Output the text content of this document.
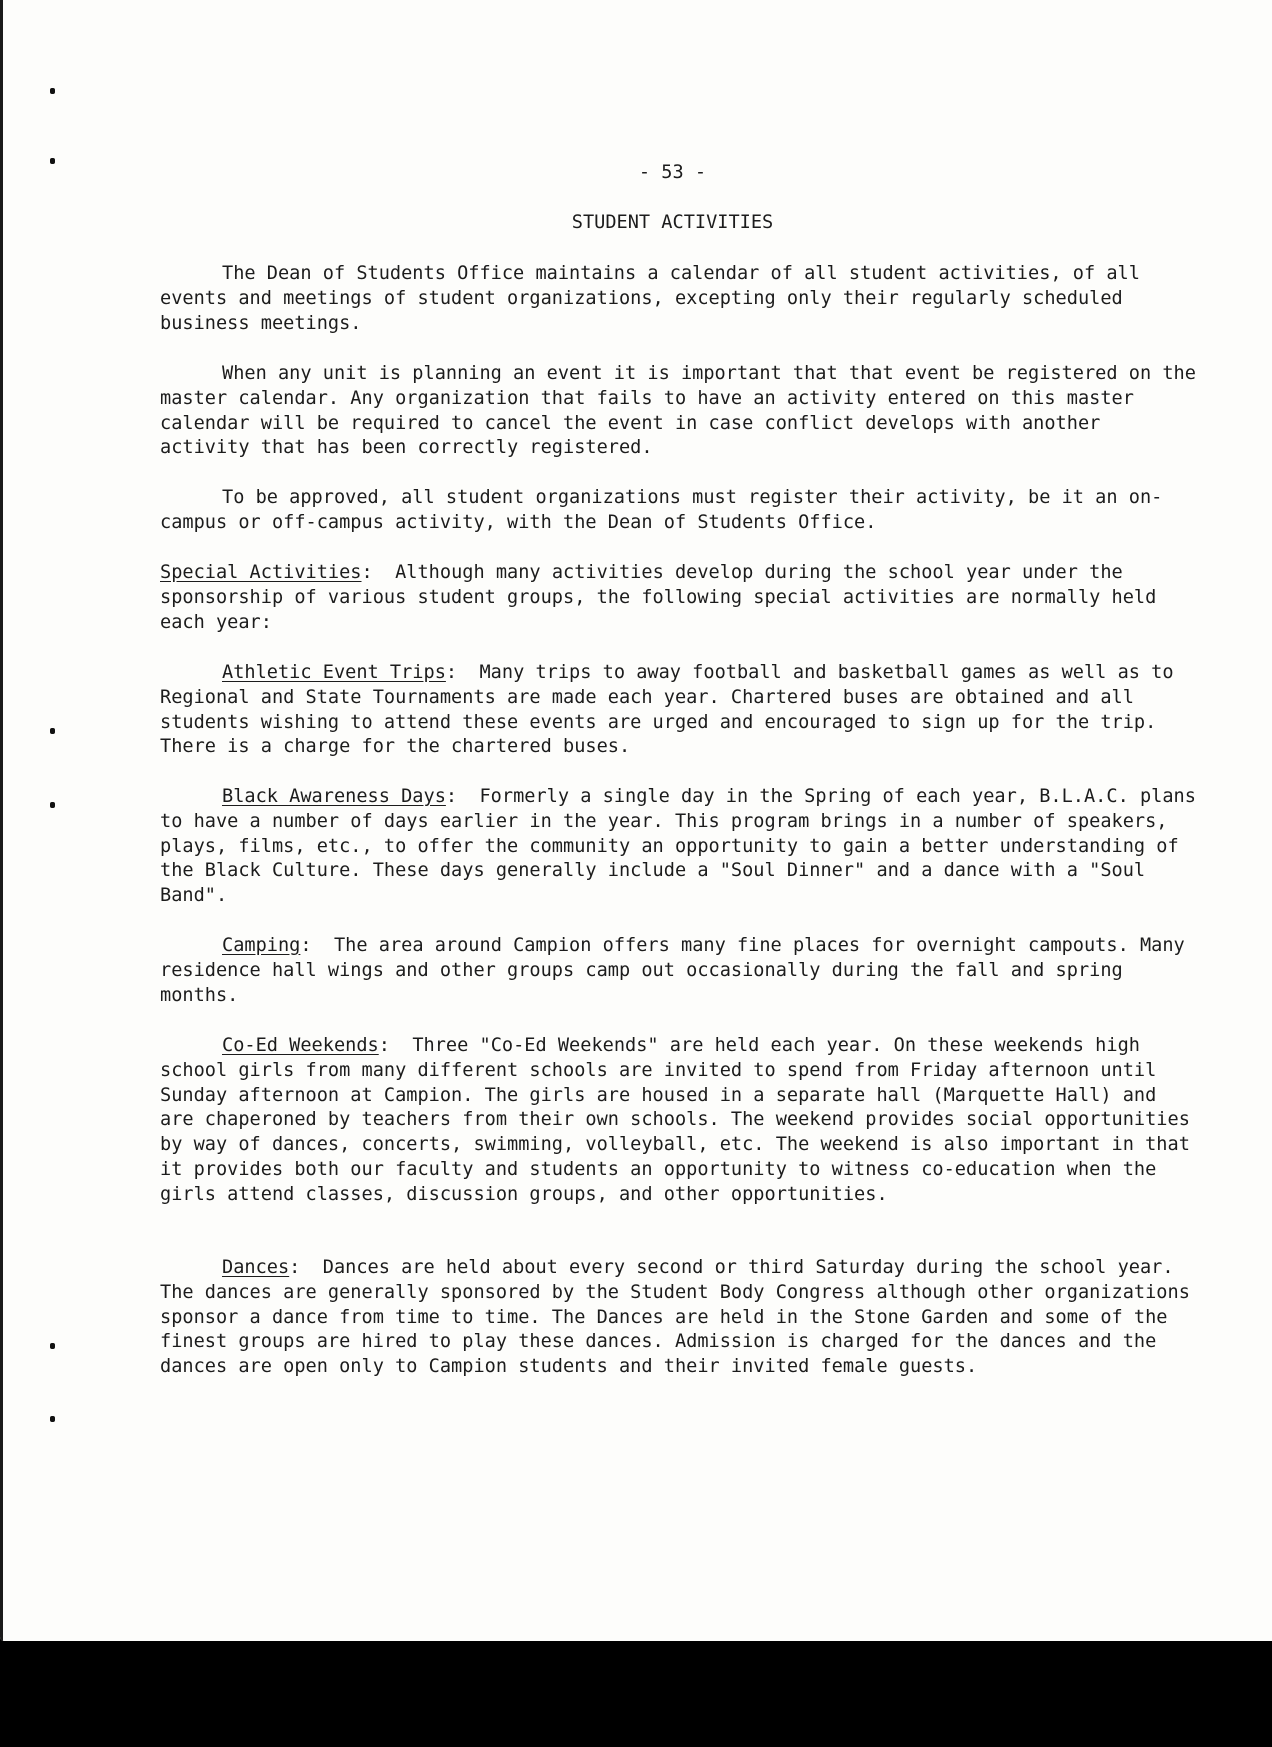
- 53 -

STUDENT ACTIVITIES

The Dean of Students Office maintains a calendar of all student activities, of all events and meetings of student organizations, excepting only their regularly scheduled business meetings.

When any unit is planning an event it is important that that event be registered on the master calendar. Any organization that fails to have an activity entered on this master calendar will be required to cancel the event in case conflict develops with another activity that has been correctly registered.

To be approved, all student organizations must register their activity, be it an on-campus or off-campus activity, with the Dean of Students Office.

Special Activities:  Although many activities develop during the school year under the sponsorship of various student groups, the following special activities are normally held each year:

Athletic Event Trips:  Many trips to away football and basketball games as well as to Regional and State Tournaments are made each year. Chartered buses are obtained and all students wishing to attend these events are urged and encouraged to sign up for the trip. There is a charge for the chartered buses.

Black Awareness Days:  Formerly a single day in the Spring of each year, B.L.A.C. plans to have a number of days earlier in the year. This program brings in a number of speakers, plays, films, etc., to offer the community an opportunity to gain a better understanding of the Black Culture. These days generally include a "Soul Dinner" and a dance with a "Soul Band".

Camping:  The area around Campion offers many fine places for overnight campouts. Many residence hall wings and other groups camp out occasionally during the fall and spring months.

Co-Ed Weekends:  Three "Co-Ed Weekends" are held each year. On these weekends high school girls from many different schools are invited to spend from Friday afternoon until Sunday afternoon at Campion. The girls are housed in a separate hall (Marquette Hall) and are chaperoned by teachers from their own schools. The weekend provides social opportunities by way of dances, concerts, swimming, volleyball, etc. The weekend is also important in that it provides both our faculty and students an opportunity to witness co-education when the girls attend classes, discussion groups, and other opportunities.

Dances:  Dances are held about every second or third Saturday during the school year. The dances are generally sponsored by the Student Body Congress although other organizations sponsor a dance from time to time. The Dances are held in the Stone Garden and some of the finest groups are hired to play these dances. Admission is charged for the dances and the dances are open only to Campion students and their invited female guests.
